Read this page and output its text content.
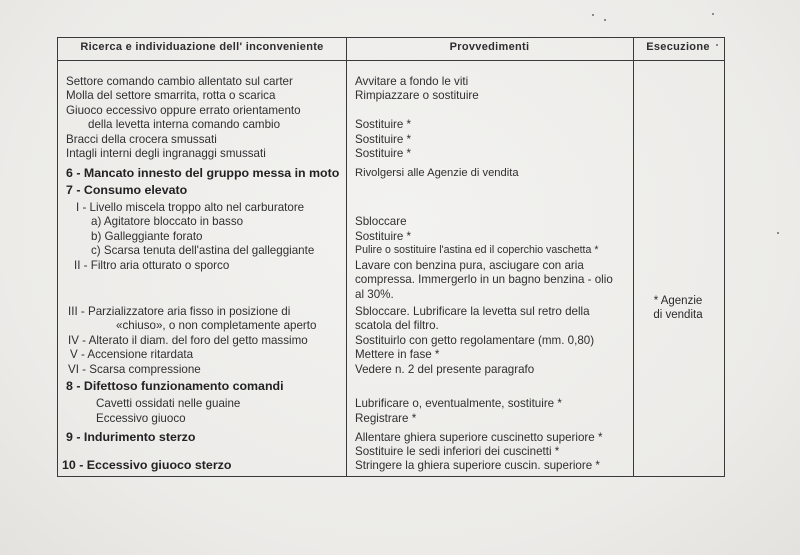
Ricerca e individuazione dell' inconveniente	Provvedimenti	Esecuzione
Settore comando cambio allentato sul carter
Molla del settore smarrita, rotta o scarica
Giuoco eccessivo oppure errato orientamento
della levetta interna comando cambio
Bracci della crocera smussati
Intagli interni degli ingranaggi smussati
6 - Mancato innesto del gruppo messa in moto
7 - Consumo elevato
I - Livello miscela troppo alto nel carburatore
a) Agitatore bloccato in basso
b) Galleggiante forato
c) Scarsa tenuta dell'astina del galleggiante
II - Filtro aria otturato o sporco
III - Parzializzatore aria fisso in posizione di
«chiuso», o non completamente aperto
IV - Alterato il diam. del foro del getto massimo
V - Accensione ritardata
VI - Scarsa compressione
8 - Difettoso funzionamento comandi
Cavetti ossidati nelle guaine
Eccessivo giuoco
9 - Indurimento sterzo
10 - Eccessivo giuoco sterzo
Avvitare a fondo le viti
Rimpiazzare o sostituire
Sostituire *
Sostituire *
Sostituire *
Rivolgersi alle Agenzie di vendita
Sbloccare
Sostituire *
Pulire o sostituire l'astina ed il coperchio vaschetta *
Lavare con benzina pura, asciugare con aria
compressa. Immergerlo in un bagno benzina - olio
al 30%.
Sbloccare. Lubrificare la levetta sul retro della
scatola del filtro.
Sostituirlo con getto regolamentare (mm. 0,80)
Mettere in fase *
Vedere n. 2 del presente paragrafo
Lubrificare o, eventualmente, sostituire *
Registrare *
Allentare ghiera superiore cuscinetto superiore *
Sostituire le sedi inferiori dei cuscinetti *
Stringere la ghiera superiore cuscin. superiore *
* Agenzie
di vendita
